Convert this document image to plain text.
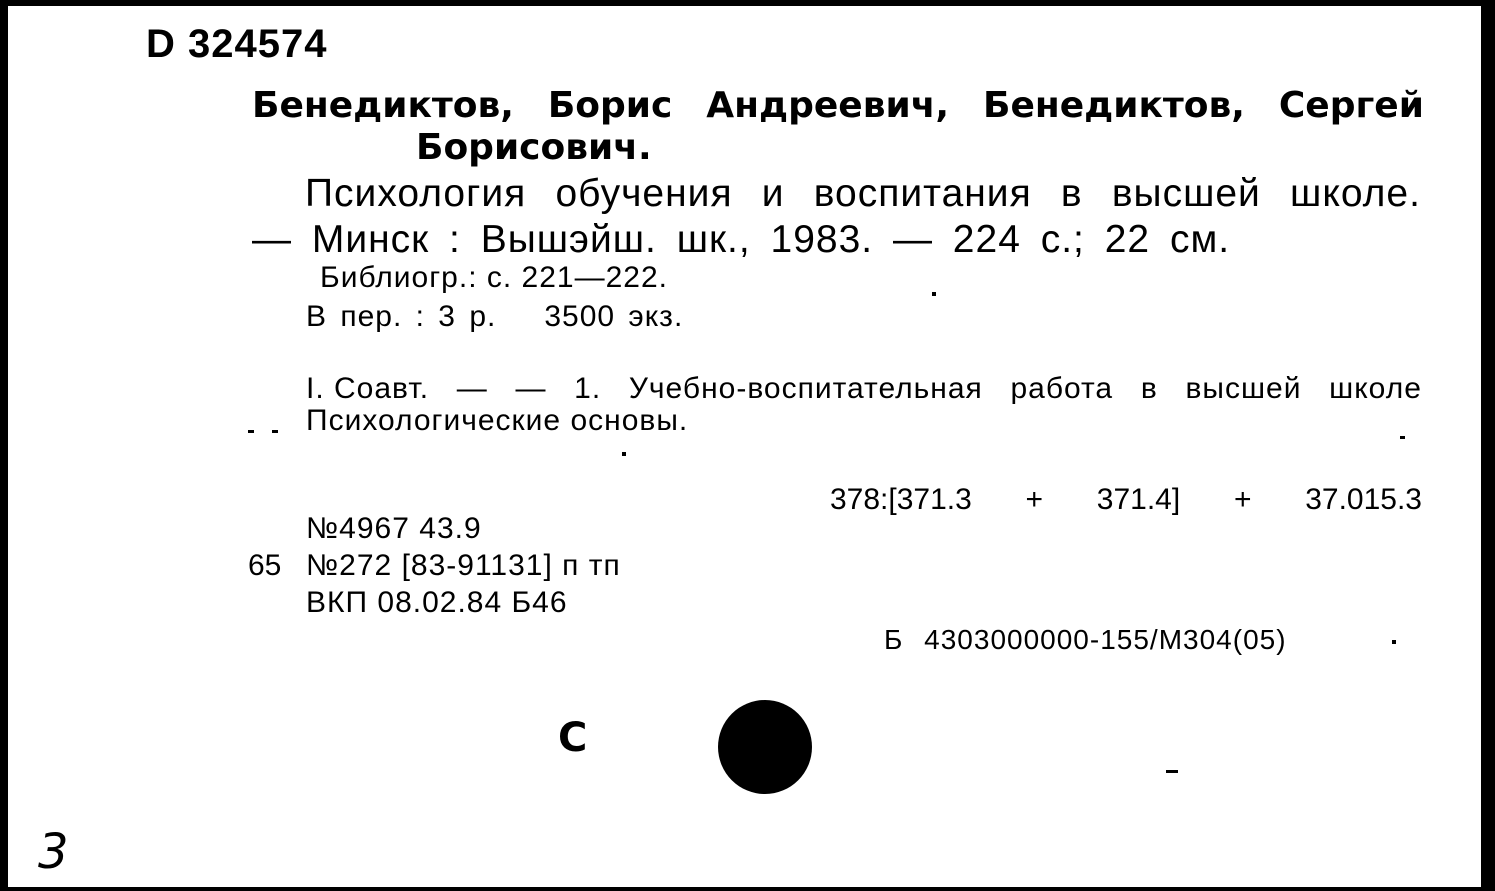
D 324574
Бенедиктов, Борис Андреевич, Бенедиктов, Сергей
Борисович.
Психология обучения и воспитания в высшей школе.
— Минск : Вышэйш. шк., 1983. — 224 с.; 22 см.
Библиогр.: с. 221—222.
В пер. : 3 р. 3500 экз.
I. Соавт. — — 1. Учебно-воспитательная работа в высшей школе
Психологические основы.
378:[371.3 + 371.4] + 37.015.3
№4967 43.9
65 №272 [83-91131] п тп
ВКП 08.02.84 Б46
Б 4303000000-155/М304(05)
С
3
